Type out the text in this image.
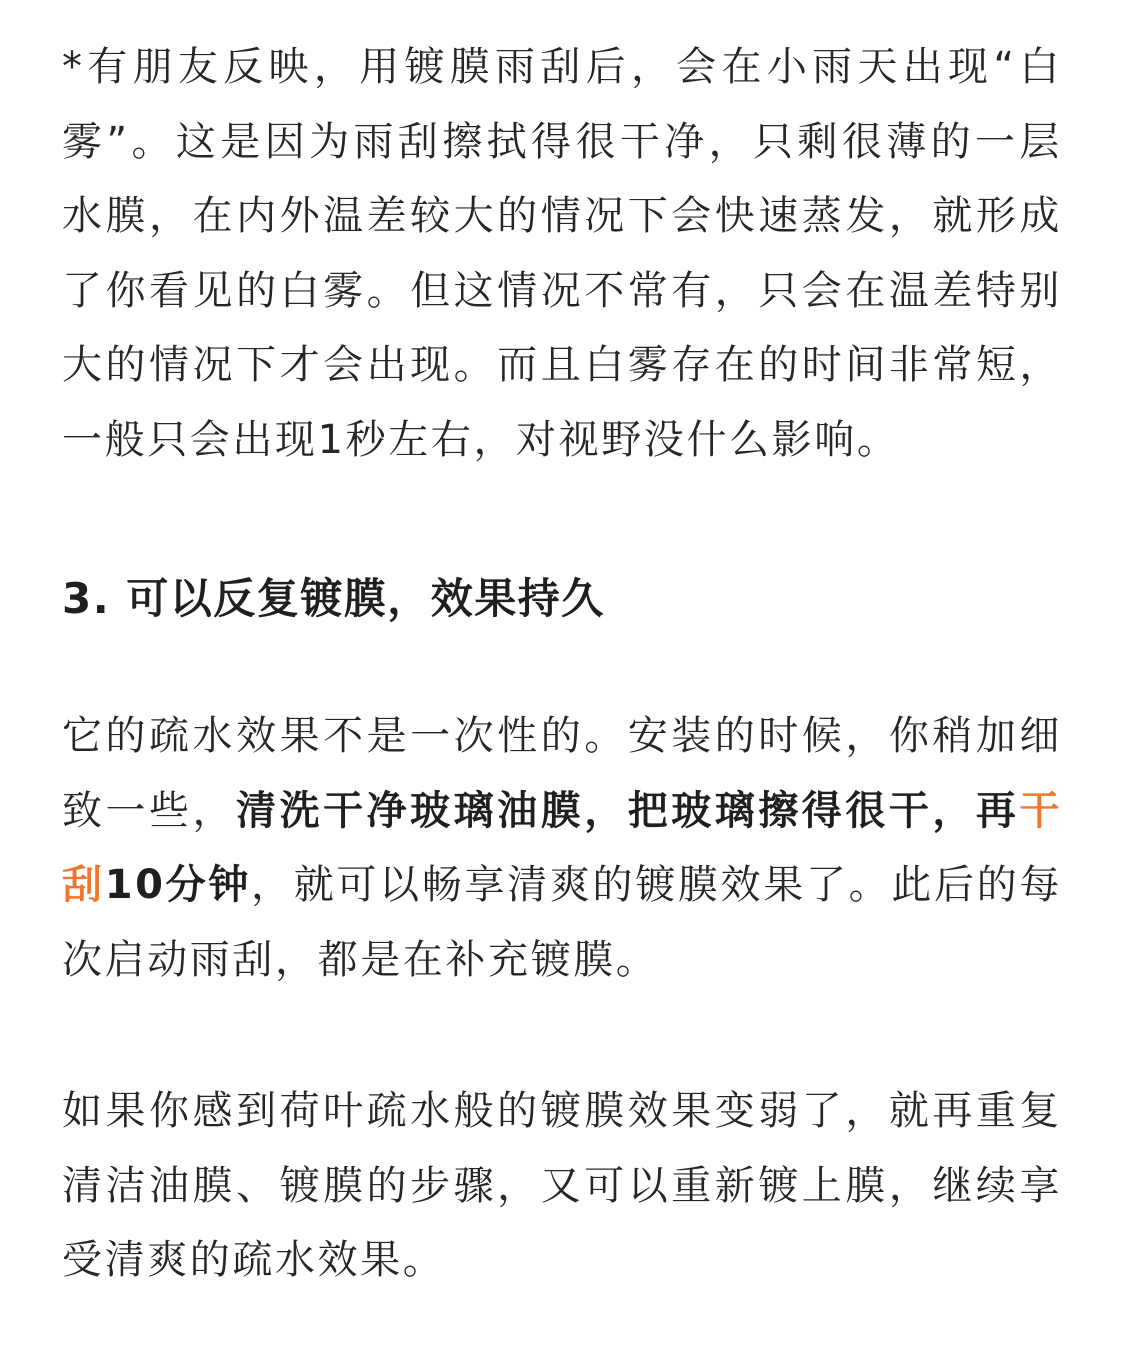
*有朋友反映，用镀膜雨刮后，会在小雨天出现“白雾”。这是因为雨刮擦拭得很干净，只剩很薄的一层水膜，在内外温差较大的情况下会快速蒸发，就形成了你看见的白雾。但这情况不常有，只会在温差特别大的情况下才会出现。而且白雾存在的时间非常短，一般只会出现1秒左右，对视野没什么影响。

3. 可以反复镀膜，效果持久

它的疏水效果不是一次性的。安装的时候，你稍加细致一些，清洗干净玻璃油膜，把玻璃擦得很干，再干刮10分钟，就可以畅享清爽的镀膜效果了。此后的每次启动雨刮，都是在补充镀膜。

如果你感到荷叶疏水般的镀膜效果变弱了，就再重复清洁油膜、镀膜的步骤，又可以重新镀上膜，继续享受清爽的疏水效果。
